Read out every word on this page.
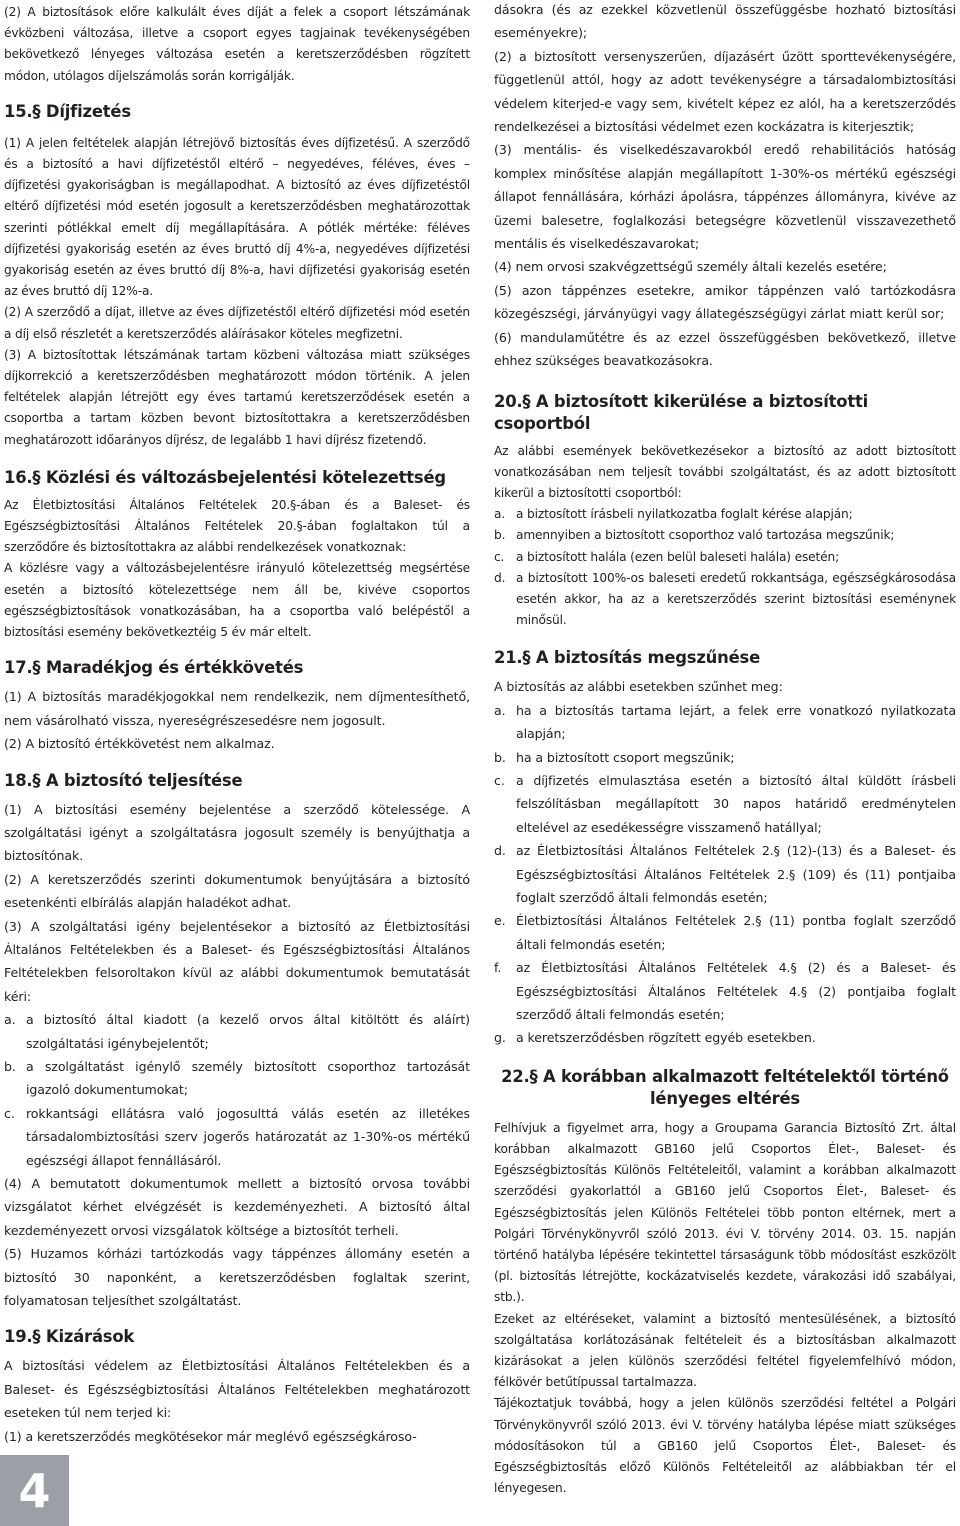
(2) A biztosítások előre kalkulált éves díját a felek a csoport létszámának évközbeni változása, illetve a csoport egyes tagjainak tevékenységében bekövetkező lényeges változása esetén a keretszerződésben rögzített módon, utólagos díjelszámolás során korrigálják.

15.§ Díjfizetés

(1) A jelen feltételek alapján létrejövő biztosítás éves díjfizetésű. A szerződő és a biztosító a havi díjfizetéstől eltérő – negyedéves, féléves, éves – díjfizetési gyakoriságban is megállapodhat. A biztosító az éves díjfizetéstől eltérő díjfizetési mód esetén jogosult a keretszerződésben meghatározottak szerinti pótlékkal emelt díj megállapítására. A pótlék mértéke: féléves díjfizetési gyakoriság esetén az éves bruttó díj 4%-a, negyedéves díjfizetési gyakoriság esetén az éves bruttó díj 8%-a, havi díjfizetési gyakoriság esetén az éves bruttó díj 12%-a.

(2) A szerződő a díjat, illetve az éves díjfizetéstől eltérő díjfizetési mód esetén a díj első részletét a keretszerződés aláírásakor köteles megfizetni.

(3) A biztosítottak létszámának tartam közbeni változása miatt szükséges díjkorrekció a keretszerződésben meghatározott módon történik. A jelen feltételek alapján létrejött egy éves tartamú keretszerződések esetén a csoportba a tartam közben bevont biztosítottakra a keretszerződésben meghatározott időarányos díjrész, de legalább 1 havi díjrész fizetendő.

16.§ Közlési és változásbejelentési kötelezettség

Az Életbiztosítási Általános Feltételek 20.§-ában és a Baleset- és Egészségbiztosítási Általános Feltételek 20.§-ában foglaltakon túl a szerződőre és biztosítottakra az alábbi rendelkezések vonatkoznak:

A közlésre vagy a változásbejelentésre irányuló kötelezettség megsértése esetén a biztosító kötelezettsége nem áll be, kivéve csoportos egészségbiztosítások vonatkozásában, ha a csoportba való belépéstől a biztosítási esemény bekövetkeztéig 5 év már eltelt.

17.§ Maradékjog és értékkövetés

(1) A biztosítás maradékjogokkal nem rendelkezik, nem díjmentesíthető, nem vásárolható vissza, nyereségrészesedésre nem jogosult.

(2) A biztosító értékkövetést nem alkalmaz.

18.§ A biztosító teljesítése

(1) A biztosítási esemény bejelentése a szerződő kötelessége. A szolgáltatási igényt a szolgáltatásra jogosult személy is benyújthatja a biztosítónak.

(2) A keretszerződés szerinti dokumentumok benyújtására a biztosító esetenkénti elbírálás alapján haladékot adhat.

(3) A szolgáltatási igény bejelentésekor a biztosító az Életbiztosítási Általános Feltételekben és a Baleset- és Egészségbiztosítási Általános Feltételekben felsoroltakon kívül az alábbi dokumentumok bemutatását kéri:

a. a biztosító által kiadott (a kezelő orvos által kitöltött és aláírt) szolgáltatási igénybejelentőt;
b. a szolgáltatást igénylő személy biztosított csoporthoz tartozását igazoló dokumentumokat;
c. rokkantsági ellátásra való jogosulttá válás esetén az illetékes társadalombiztosítási szerv jogerős határozatát az 1-30%-os mértékű egészségi állapot fennállásáról.

(4) A bemutatott dokumentumok mellett a biztosító orvosa további vizsgálatot kérhet elvégzését is kezdeményezheti. A biztosító által kezdeményezett orvosi vizsgálatok költsége a biztosítót terheli.

(5) Huzamos kórházi tartózkodás vagy táppénzes állomány esetén a biztosító 30 naponként, a keretszerződésben foglaltak szerint, folyamatosan teljesíthet szolgáltatást.

19.§ Kizárások

A biztosítási védelem az Életbiztosítási Általános Feltételekben és a Baleset- és Egészségbiztosítási Általános Feltételekben meghatározott eseteken túl nem terjed ki:

(1) a keretszerződés megkötésekor már meglévő egészségkároso-

dásokra (és az ezekkel közvetlenül összefüggésbe hozható biztosítási eseményekre);

(2) a biztosított versenyszerűen, díjazásért űzött sporttevékenységére, függetlenül attól, hogy az adott tevékenységre a társadalombiztosítási védelem kiterjed-e vagy sem, kivételt képez ez alól, ha a keretszerződés rendelkezései a biztosítási védelmet ezen kockázatra is kiterjesztik;

(3) mentális- és viselkedészavarokból eredő rehabilitációs hatóság komplex minősítése alapján megállapított 1-30%-os mértékű egészségi állapot fennállására, kórházi ápolásra, táppénzes állományra, kivéve az üzemi balesetre, foglalkozási betegségre közvetlenül visszavezethető mentális és viselkedészavarokat;

(4) nem orvosi szakvégzettségű személy általi kezelés esetére;

(5) azon táppénzes esetekre, amikor táppénzen való tartózkodásra közegészségi, járványügyi vagy állategészségügyi zárlat miatt kerül sor;

(6) mandulaműtétre és az ezzel összefüggésben bekövetkező, illetve ehhez szükséges beavatkozásokra.

20.§ A biztosított kikerülése a biztosítotti csoportból

Az alábbi események bekövetkezésekor a biztosító az adott biztosított vonatkozásában nem teljesít további szolgáltatást, és az adott biztosított kikerül a biztosítotti csoportból:

a. a biztosított írásbeli nyilatkozatba foglalt kérése alapján;
b. amennyiben a biztosított csoporthoz való tartozása megszűnik;
c. a biztosított halála (ezen belül baleseti halála) esetén;
d. a biztosított 100%-os baleseti eredetű rokkantsága, egészségkárosodása esetén akkor, ha az a keretszerződés szerint biztosítási eseménynek minősül.
21.§ A biztosítás megszűnése

A biztosítás az alábbi esetekben szűnhet meg:

a. ha a biztosítás tartama lejárt, a felek erre vonatkozó nyilatkozata alapján;
b. ha a biztosított csoport megszűnik;
c. a díjfizetés elmulasztása esetén a biztosító által küldött írásbeli felszólításban megállapított 30 napos határidő eredménytelen eltelével az esedékességre visszamenő hatállyal;
d. az Életbiztosítási Általános Feltételek 2.§ (12)-(13) és a Baleset- és Egészségbiztosítási Általános Feltételek 2.§ (109) és (11) pontjaiba foglalt szerződő általi felmondás esetén;
e. Életbiztosítási Általános Feltételek 2.§ (11) pontba foglalt szerződő általi felmondás esetén;
f. az Életbiztosítási Általános Feltételek 4.§ (2) és a Baleset- és Egészségbiztosítási Általános Feltételek 4.§ (2) pontjaiba foglalt szerződő általi felmondás esetén;
g. a keretszerződésben rögzített egyéb esetekben.
22.§ A korábban alkalmazott feltételektől történő lényeges eltérés

Felhívjuk a figyelmet arra, hogy a Groupama Garancia Biztosító Zrt. által korábban alkalmazott GB160 jelű Csoportos Élet-, Baleset- és Egészségbiztosítás Különös Feltételeitől, valamint a korábban alkalmazott szerződési gyakorlattól a GB160 jelű Csoportos Élet-, Baleset- és Egészségbiztosítás jelen Különös Feltételei több ponton eltérnek, mert a Polgári Törvénykönyvről szóló 2013. évi V. törvény 2014. 03. 15. napján történő hatályba lépésére tekintettel társaságunk több módosítást eszközölt (pl. biztosítás létrejötte, kockázatviselés kezdete, várakozási idő szabályai, stb.).

Ezeket az eltéréseket, valamint a biztosító mentesülésének, a biztosító szolgáltatása korlátozásának feltételeit és a biztosításban alkalmazott kizárásokat a jelen különös szerződési feltétel figyelemfelhívó módon, félkövér betűtípussal tartalmazza.

Tájékoztatjuk továbbá, hogy a jelen különös szerződési feltétel a Polgári Törvénykönyvről szóló 2013. évi V. törvény hatályba lépése miatt szükséges módosításokon túl a GB160 jelű Csoportos Élet-, Baleset- és Egészségbiztosítás előző Különös Feltételeitől az alábbiakban tér el lényegesen.

4
